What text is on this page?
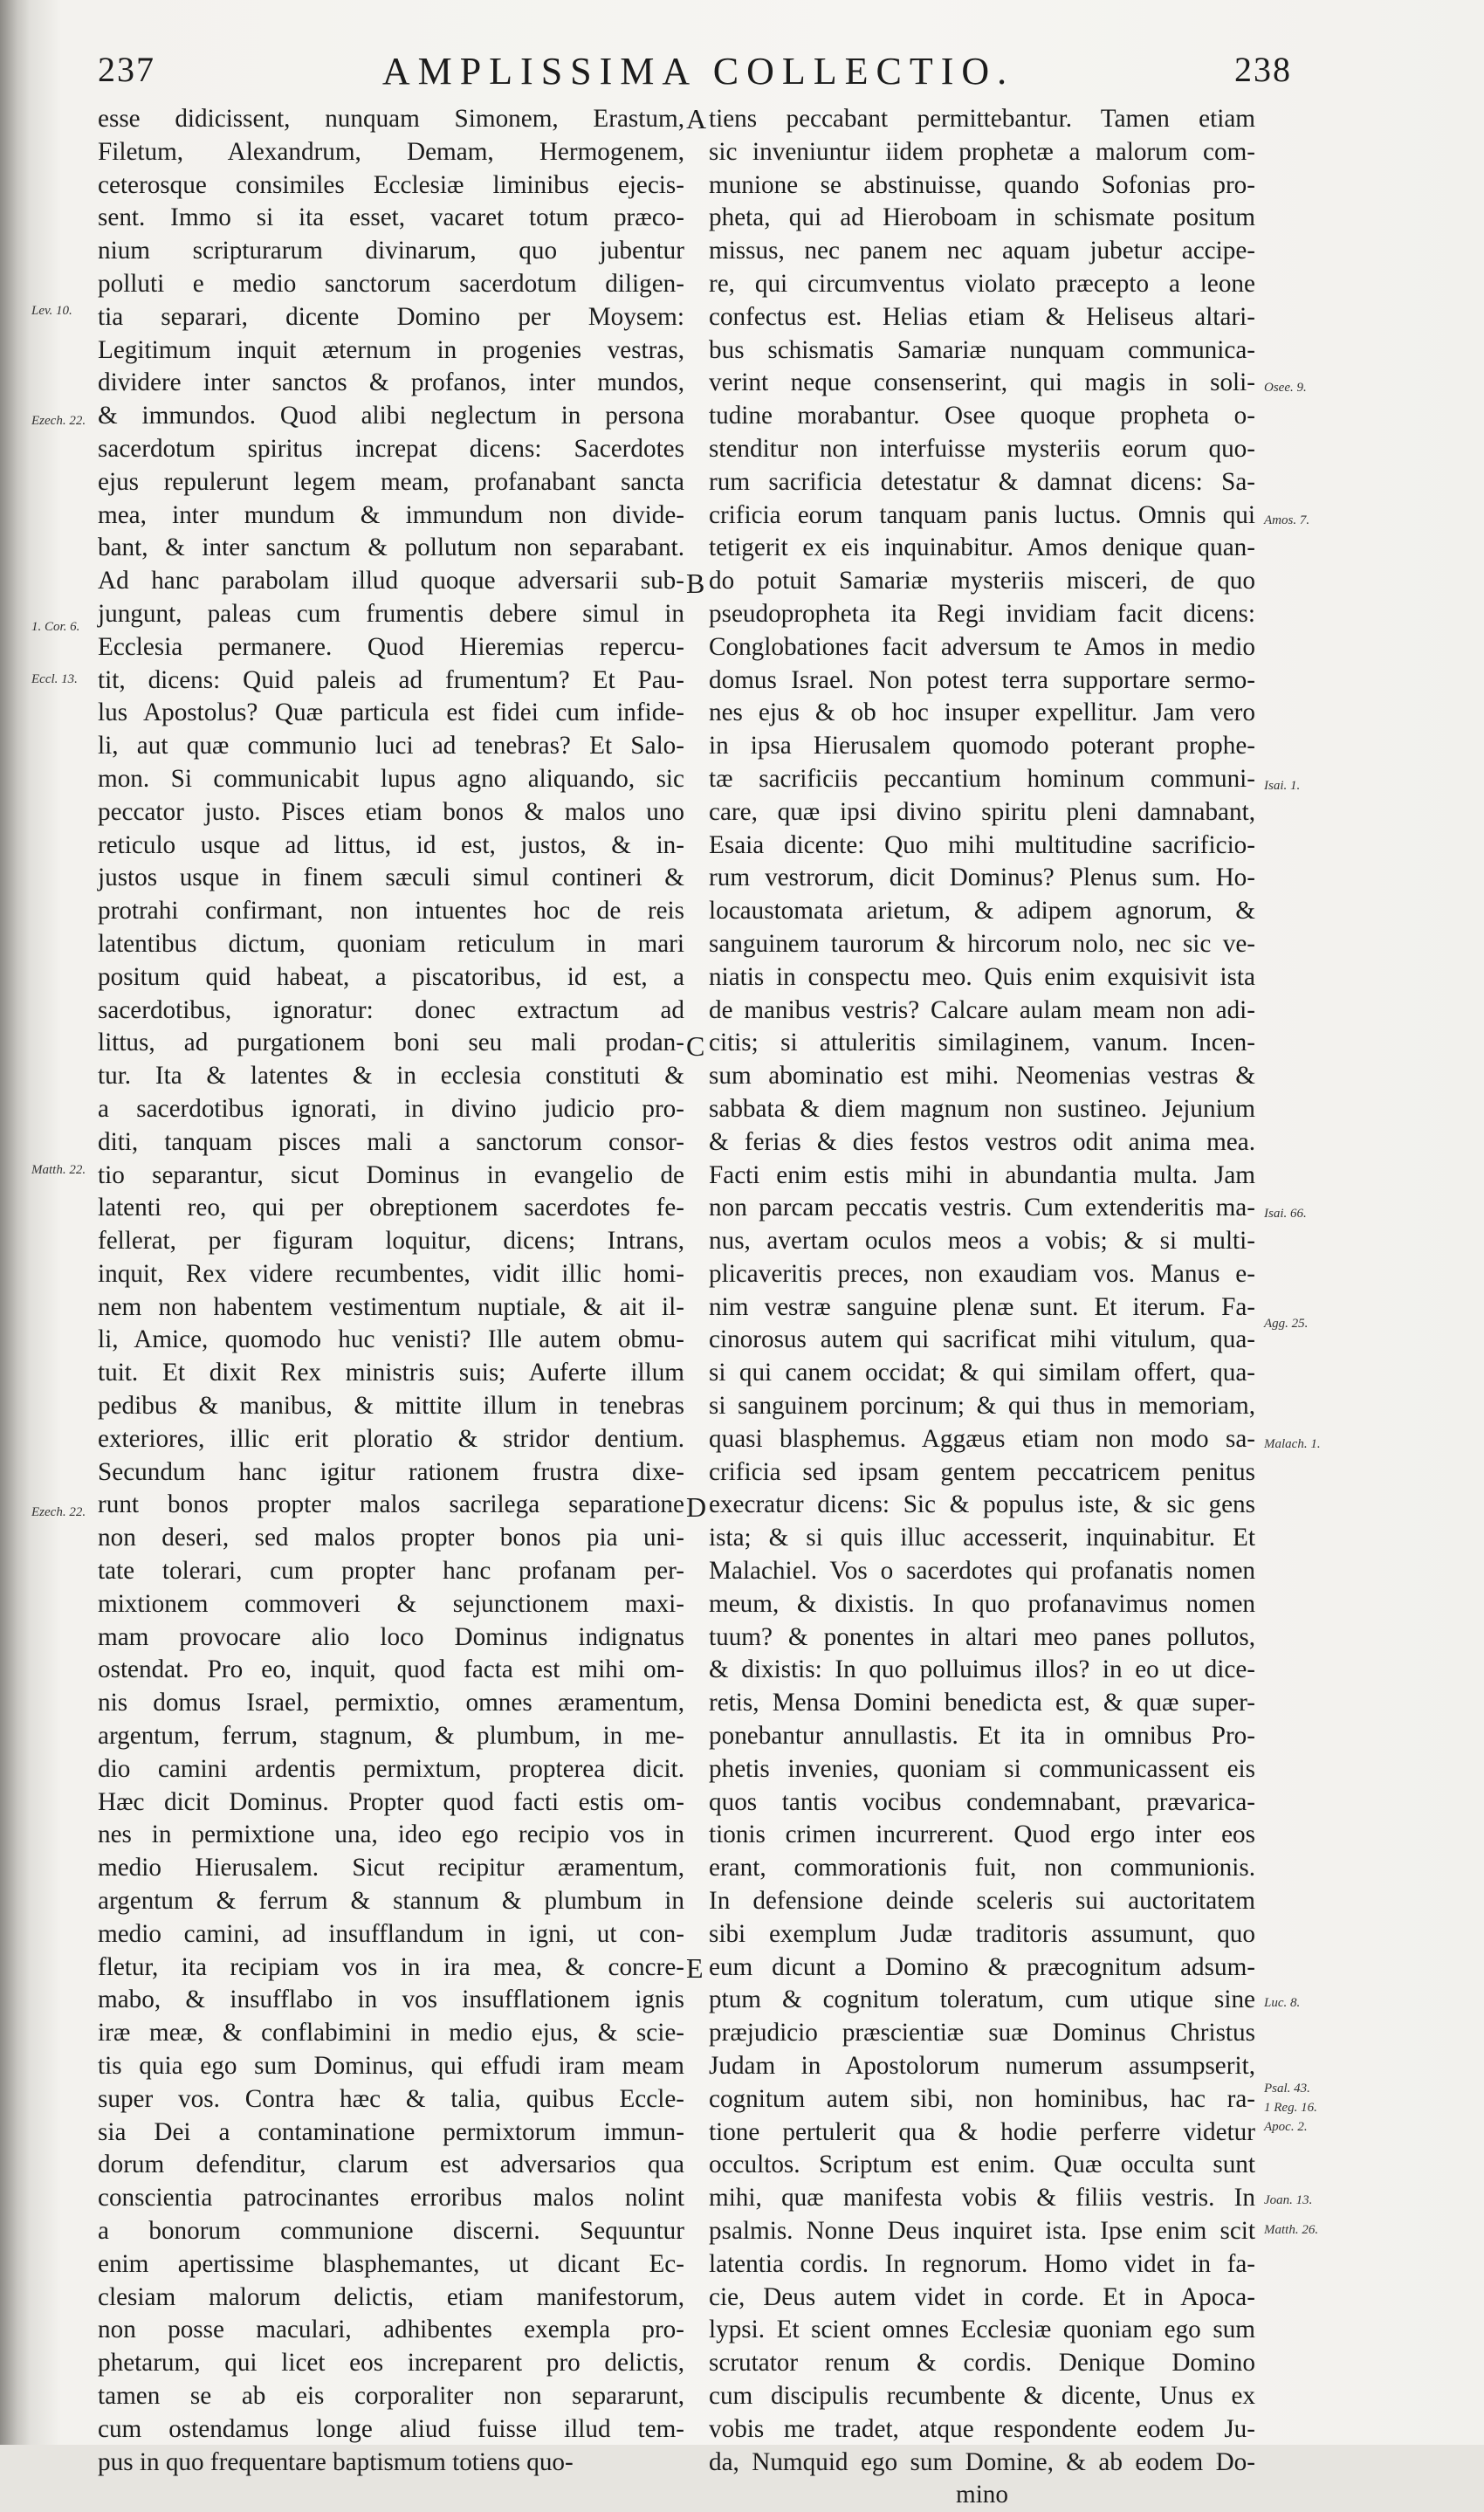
237	AMPLISSIMA COLLECTIO.	238

esse didicissent, nunquam Simonem, Erastum,

Filetum, Alexandrum, Demam, Hermogenem,

ceterosque consimiles Ecclesiæ liminibus ejecis-

sent. Immo si ita esset, vacaret totum præco-

nium scripturarum divinarum, quo jubentur

polluti e medio sanctorum sacerdotum diligen-

tia separari, dicente Domino per Moysem:

Legitimum inquit æternum in progenies vestras,

dividere inter sanctos & profanos, inter mundos,

& immundos. Quod alibi neglectum in persona

sacerdotum spiritus increpat dicens: Sacerdotes

ejus repulerunt legem meam, profanabant sancta

mea, inter mundum & immundum non divide-

bant, & inter sanctum & pollutum non separabant.

Ad hanc parabolam illud quoque adversarii sub-

jungunt, paleas cum frumentis debere simul in

Ecclesia permanere. Quod Hieremias repercu-

tit, dicens: Quid paleis ad frumentum? Et Pau-

lus Apostolus? Quæ particula est fidei cum infide-

li, aut quæ communio luci ad tenebras? Et Salo-

mon. Si communicabit lupus agno aliquando, sic

peccator justo. Pisces etiam bonos & malos uno

reticulo usque ad littus, id est, justos, & in-

justos usque in finem sæculi simul contineri &

protrahi confirmant, non intuentes hoc de reis

latentibus dictum, quoniam reticulum in mari

positum quid habeat, a piscatoribus, id est, a

sacerdotibus, ignoratur: donec extractum ad

littus, ad purgationem boni seu mali prodan-

tur. Ita & latentes & in ecclesia constituti &

a sacerdotibus ignorati, in divino judicio pro-

diti, tanquam pisces mali a sanctorum consor-

tio separantur, sicut Dominus in evangelio de

latenti reo, qui per obreptionem sacerdotes fe-

fellerat, per figuram loquitur, dicens; Intrans,

inquit, Rex videre recumbentes, vidit illic homi-

nem non habentem vestimentum nuptiale, & ait il-

li, Amice, quomodo huc venisti? Ille autem obmu-

tuit. Et dixit Rex ministris suis; Auferte illum

pedibus & manibus, & mittite illum in tenebras

exteriores, illic erit ploratio & stridor dentium.

Secundum hanc igitur rationem frustra dixe-

runt bonos propter malos sacrilega separatione

non deseri, sed malos propter bonos pia uni-

tate tolerari, cum propter hanc profanam per-

mixtionem commoveri & sejunctionem maxi-

mam provocare alio loco Dominus indignatus

ostendat. Pro eo, inquit, quod facta est mihi om-

nis domus Israel, permixtio, omnes æramentum,

argentum, ferrum, stagnum, & plumbum, in me-

dio camini ardentis permixtum, propterea dicit.

Hæc dicit Dominus. Propter quod facti estis om-

nes in permixtione una, ideo ego recipio vos in

medio Hierusalem. Sicut recipitur æramentum,

argentum & ferrum & stannum & plumbum in

medio camini, ad insufflandum in igni, ut con-

fletur, ita recipiam vos in ira mea, & concre-

mabo, & insufflabo in vos insufflationem ignis

iræ meæ, & conflabimini in medio ejus, & scie-

tis quia ego sum Dominus, qui effudi iram meam

super vos. Contra hæc & talia, quibus Eccle-

sia Dei a contaminatione permixtorum immun-

dorum defenditur, clarum est adversarios qua

conscientia patrocinantes erroribus malos nolint

a bonorum communione discerni. Sequuntur

enim apertissime blasphemantes, ut dicant Ec-

clesiam malorum delictis, etiam manifestorum,

non posse maculari, adhibentes exempla pro-

phetarum, qui licet eos increparent pro delictis,

tamen se ab eis corporaliter non separarunt,

cum ostendamus longe aliud fuisse illud tem-

pus in quo frequentare baptismum totiens quo-

tiens peccabant permittebantur. Tamen etiam

sic inveniuntur iidem prophetæ a malorum com-

munione se abstinuisse, quando Sofonias pro-

pheta, qui ad Hieroboam in schismate positum

missus, nec panem nec aquam jubetur accipe-

re, qui circumventus violato præcepto a leone

confectus est. Helias etiam & Heliseus altari-

bus schismatis Samariæ nunquam communica-

verint neque consenserint, qui magis in soli-

tudine morabantur. Osee quoque propheta o-

stenditur non interfuisse mysteriis eorum quo-

rum sacrificia detestatur & damnat dicens: Sa-

crificia eorum tanquam panis luctus. Omnis qui

tetigerit ex eis inquinabitur. Amos denique quan-

do potuit Samariæ mysteriis misceri, de quo

pseudopropheta ita Regi invidiam facit dicens:

Conglobationes facit adversum te Amos in medio

domus Israel. Non potest terra supportare sermo-

nes ejus & ob hoc insuper expellitur. Jam vero

in ipsa Hierusalem quomodo poterant prophe-

tæ sacrificiis peccantium hominum communi-

care, quæ ipsi divino spiritu pleni damnabant,

Esaia dicente: Quo mihi multitudine sacrificio-

rum vestrorum, dicit Dominus? Plenus sum. Ho-

locaustomata arietum, & adipem agnorum, &

sanguinem taurorum & hircorum nolo, nec sic ve-

niatis in conspectu meo. Quis enim exquisivit ista

de manibus vestris? Calcare aulam meam non adi-

citis; si attuleritis similaginem, vanum. Incen-

sum abominatio est mihi. Neomenias vestras &

sabbata & diem magnum non sustineo. Jejunium

& ferias & dies festos vestros odit anima mea.

Facti enim estis mihi in abundantia multa. Jam

non parcam peccatis vestris. Cum extenderitis ma-

nus, avertam oculos meos a vobis; & si multi-

plicaveritis preces, non exaudiam vos. Manus e-

nim vestræ sanguine plenæ sunt. Et iterum. Fa-

cinorosus autem qui sacrificat mihi vitulum, qua-

si qui canem occidat; & qui similam offert, qua-

si sanguinem porcinum; & qui thus in memoriam,

quasi blasphemus. Aggæus etiam non modo sa-

crificia sed ipsam gentem peccatricem penitus

execratur dicens: Sic & populus iste, & sic gens

ista; & si quis illuc accesserit, inquinabitur. Et

Malachiel. Vos o sacerdotes qui profanatis nomen

meum, & dixistis. In quo profanavimus nomen

tuum? & ponentes in altari meo panes pollutos,

& dixistis: In quo polluimus illos? in eo ut dice-

retis, Mensa Domini benedicta est, & quæ super-

ponebantur annullastis. Et ita in omnibus Pro-

phetis invenies, quoniam si communicassent eis

quos tantis vocibus condemnabant, prævarica-

tionis crimen incurrerent. Quod ergo inter eos

erant, commorationis fuit, non communionis.

In defensione deinde sceleris sui auctoritatem

sibi exemplum Judæ traditoris assumunt, quo

eum dicunt a Domino & præcognitum adsum-

ptum & cognitum toleratum, cum utique sine

præjudicio præscientiæ suæ Dominus Christus

Judam in Apostolorum numerum assumpserit,

cognitum autem sibi, non hominibus, hac ra-

tione pertulerit qua & hodie perferre videtur

occultos. Scriptum est enim. Quæ occulta sunt

mihi, quæ manifesta vobis & filiis vestris. In

psalmis. Nonne Deus inquiret ista. Ipse enim scit

latentia cordis. In regnorum. Homo videt in fa-

cie, Deus autem videt in corde. Et in Apoca-

lypsi. Et scient omnes Ecclesiæ quoniam ego sum

scrutator renum & cordis. Denique Domino

cum discipulis recumbente & dicente, Unus ex

vobis me tradet, atque respondente eodem Ju-

da, Numquid ego sum Domine, & ab eodem Do-

mino

A
B
C
D
E
Lev. 10.
Ezech. 22.
1. Cor. 6.
Eccl. 13.
Matth. 22.
Ezech. 22.
Osee. 9.
Amos. 7.
Isai. 1.
Isai. 66.
Agg. 25.
Malach. 1.
Luc. 8.
Psal. 43.
1 Reg. 16.
Apoc. 2.
Joan. 13.
Matth. 26.
